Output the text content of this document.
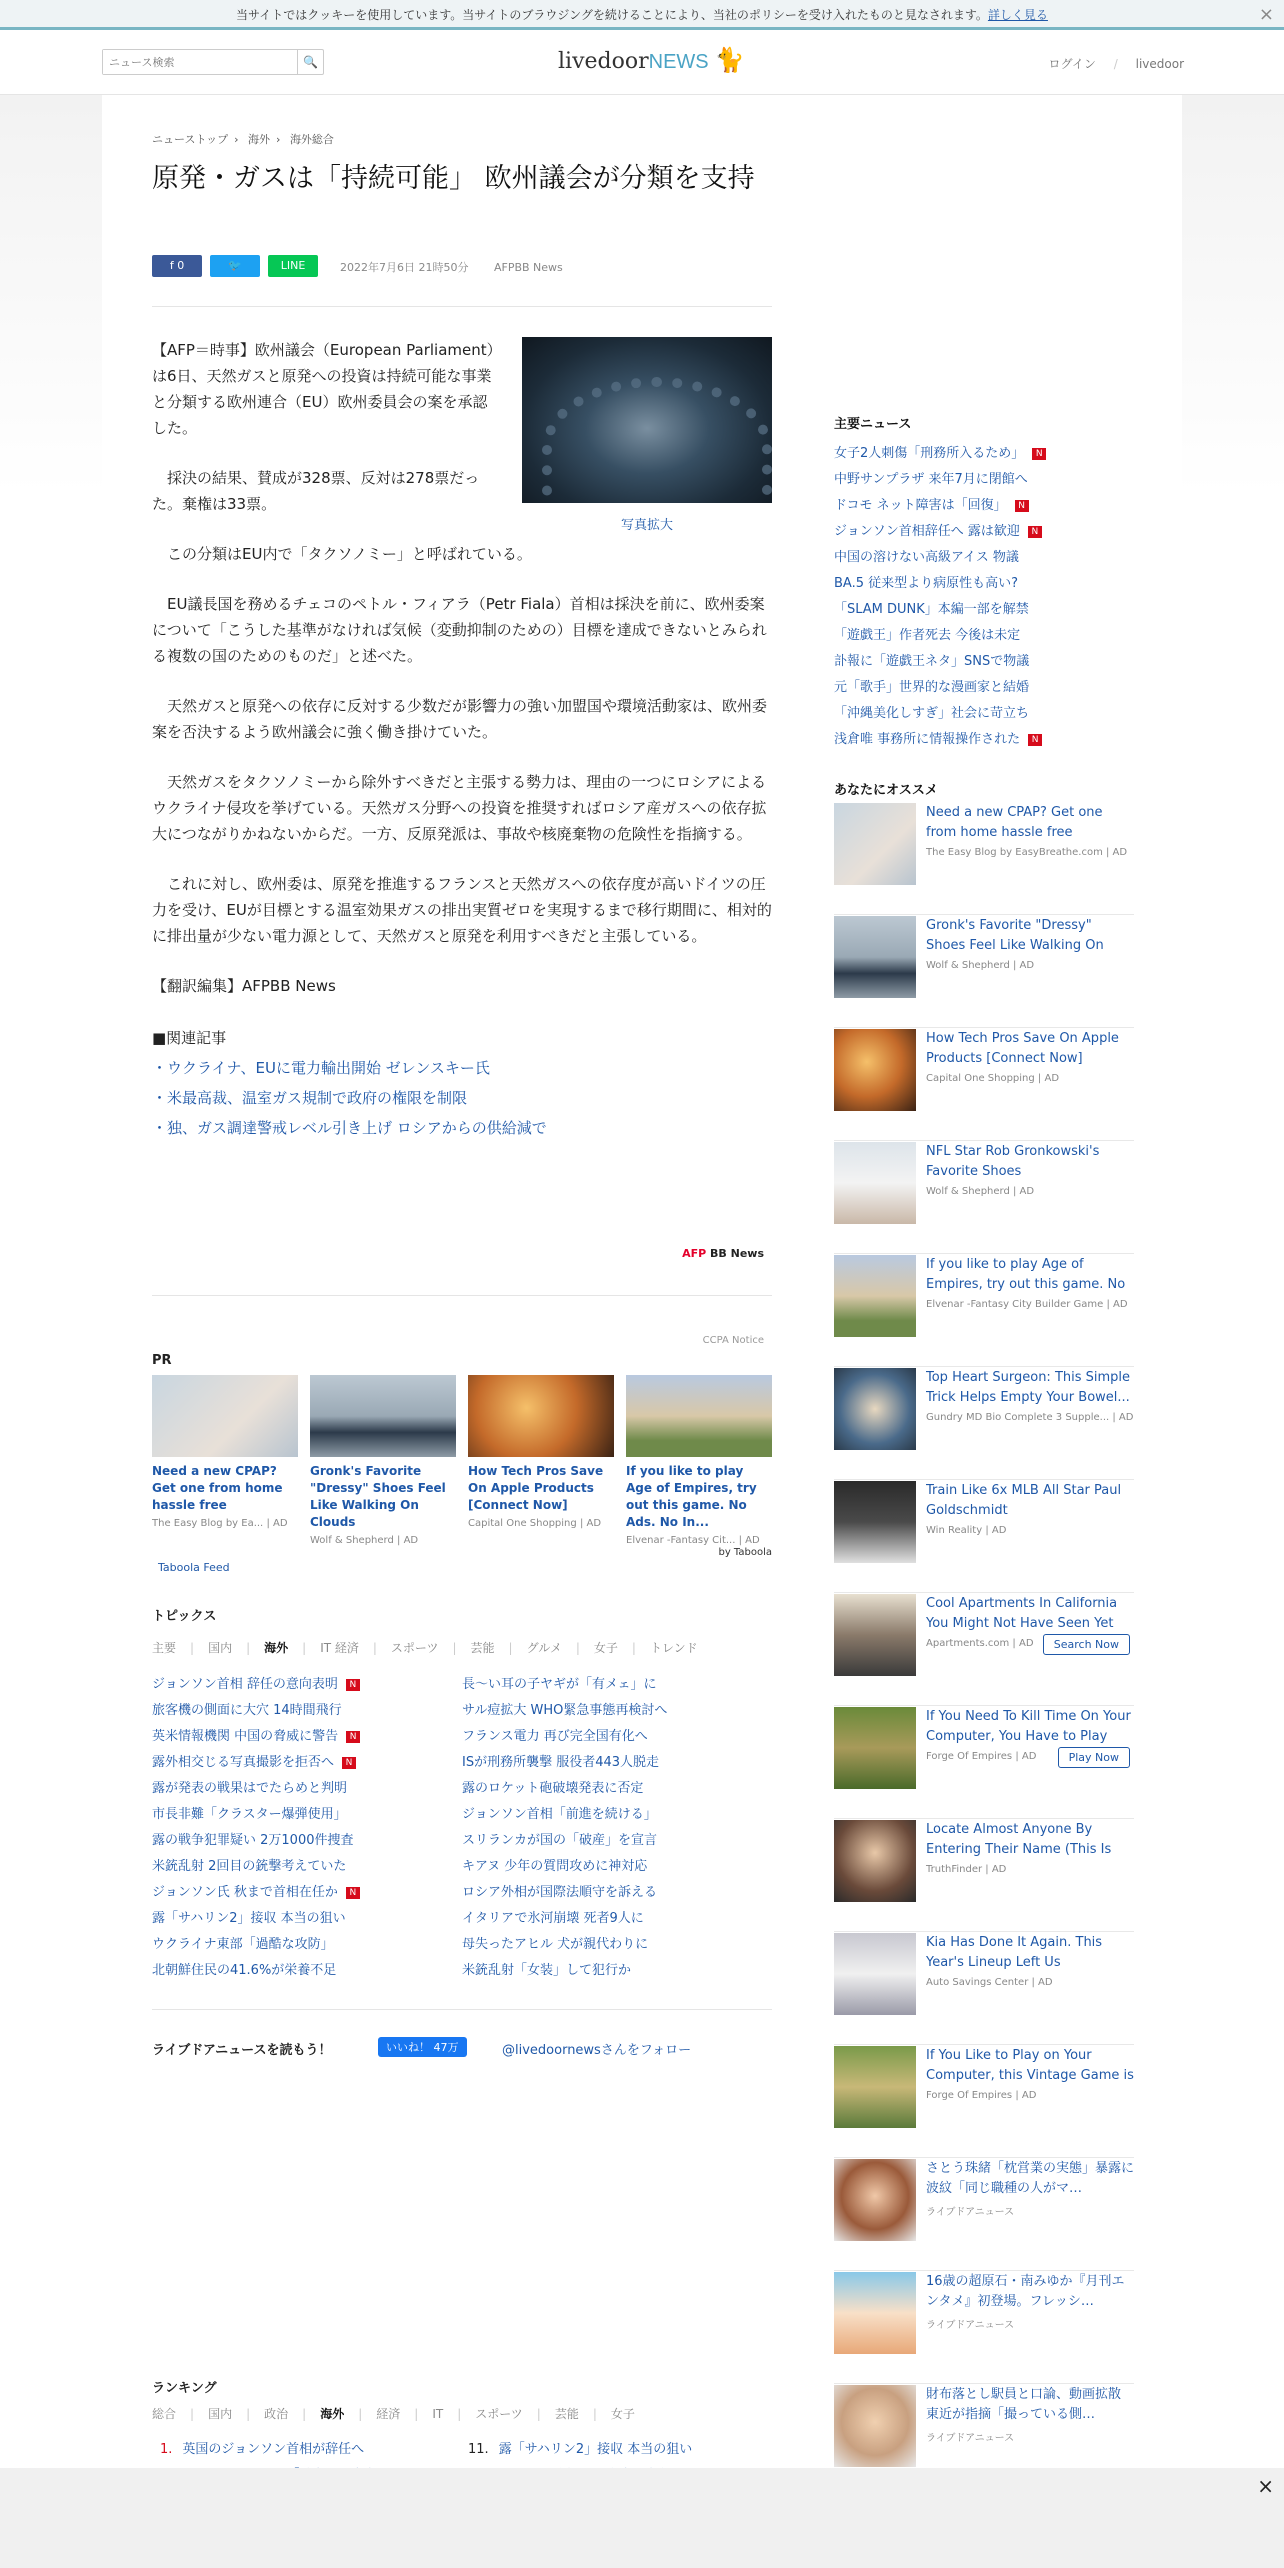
当サイトではクッキーを使用しています。当サイトのブラウジングを続けることにより、当社のポリシーを受け入れたものと見なされます。詳しく見る	×
ニュース検索
🔍	livedoorNEWS 🐈	ログイン / livedoor
ニューストップ › 海外 › 海外総合
原発・ガスは「持続可能」 欧州議会が分類を支持
f 0	🐦	LINE	2022年7月6日 21時50分 AFPBB News
写真拡大

【AFP＝時事】欧州議会（European Parliament）は6日、天然ガスと原発への投資は持続可能な事業と分類する欧州連合（EU）欧州委員会の案を承認した。

採決の結果、賛成が328票、反対は278票だった。棄権は33票。

この分類はEU内で「タクソノミー」と呼ばれている。

EU議長国を務めるチェコのペトル・フィアラ（Petr Fiala）首相は採決を前に、欧州委案について「こうした基準がなければ気候（変動抑制のための）目標を達成できないとみられる複数の国のためのものだ」と述べた。

天然ガスと原発への依存に反対する少数だが影響力の強い加盟国や環境活動家は、欧州委案を否決するよう欧州議会に強く働き掛けていた。

天然ガスをタクソノミーから除外すべきだと主張する勢力は、理由の一つにロシアによるウクライナ侵攻を挙げている。天然ガス分野への投資を推奨すればロシア産ガスへの依存拡大につながりかねないからだ。一方、反原発派は、事故や核廃棄物の危険性を指摘する。

これに対し、欧州委は、原発を推進するフランスと天然ガスへの依存度が高いドイツの圧力を受け、EUが目標とする温室効果ガスの排出実質ゼロを実現するまで移行期間に、相対的に排出量が少ない電力源として、天然ガスと原発を利用すべきだと主張している。

【翻訳編集】AFPBB News

■関連記事
・ウクライナ、EUに電力輸出開始 ゼレンスキー氏
・米最高裁、温室ガス規制で政府の権限を制限
・独、ガス調達警戒レベル引き上げ ロシアからの供給減で
AFP BB News
CCPA Notice
PR
Need a new CPAP? Get one from home hassle free
The Easy Blog by Ea... | AD
Gronk's Favorite "Dressy" Shoes Feel Like Walking On Clouds
Wolf & Shepherd | AD
How Tech Pros Save On Apple Products [Connect Now]
Capital One Shopping | AD
If you like to play Age of Empires, try out this game. No Ads. No In...
Elvenar -Fantasy Cit... | AD
by Taboola
Taboola Feed
トピックス
主要 | 国内 | 海外 | IT 経済 | スポーツ | 芸能 | グルメ | 女子 | トレンド
ジョンソン首相 辞任の意向表明 N
旅客機の側面に大穴 14時間飛行
英米情報機関 中国の脅威に警告 N
露外相交じる写真撮影を拒否へ N
露が発表の戦果はでたらめと判明
市長非難「クラスター爆弾使用」
露の戦争犯罪疑い 2万1000件捜査
米銃乱射 2回目の銃撃考えていた
ジョンソン氏 秋まで首相在任か N
露「サハリン2」接収 本当の狙い
ウクライナ東部「過酷な攻防」
北朝鮮住民の41.6%が栄養不足
長～い耳の子ヤギが「有メェ」に
サル痘拡大 WHO緊急事態再検討へ
フランス電力 再び完全国有化へ
ISが刑務所襲撃 服役者443人脱走
露のロケット砲破壊発表に否定
ジョンソン首相「前進を続ける」
スリランカが国の「破産」を宣言
キアヌ 少年の質問攻めに神対応
ロシア外相が国際法順守を訴える
イタリアで氷河崩壊 死者9人に
母失ったアヒル 犬が親代わりに
米銃乱射「女装」して犯行か
ライブドアニュースを読もう！	いいね！ 47万	@livedoornewsさんをフォロー
ランキング
総合 | 国内 | 政治 | 海外 | 経済 | IT | スポーツ | 芸能 | 女子
1. 英国のジョンソン首相が辞任へ	11. 露「サハリン2」接収 本当の狙い
主要ニュース
女子2人刺傷「刑務所入るため」 N
中野サンプラザ 来年7月に閉館へ
ドコモ ネット障害は「回復」 N
ジョンソン首相辞任へ 露は歓迎 N
中国の溶けない高級アイス 物議
BA.5 従来型より病原性も高い?
「SLAM DUNK」本編一部を解禁
「遊戯王」作者死去 今後は未定
訃報に「遊戯王ネタ」SNSで物議
元「歌手」世界的な漫画家と結婚
「沖縄美化しすぎ」社会に苛立ち
浅倉唯 事務所に情報操作された N
あなたにオススメ
Need a new CPAP? Get one from home hassle free
The Easy Blog by EasyBreathe.com | AD
Gronk's Favorite "Dressy" Shoes Feel Like Walking On
Wolf & Shepherd | AD
How Tech Pros Save On Apple Products [Connect Now]
Capital One Shopping | AD
NFL Star Rob Gronkowski's Favorite Shoes
Wolf & Shepherd | AD
If you like to play Age of Empires, try out this game. No
Elvenar -Fantasy City Builder Game | AD
Top Heart Surgeon: This Simple Trick Helps Empty Your Bowel...
Gundry MD Bio Complete 3 Supple... | AD
Train Like 6x MLB All Star Paul Goldschmidt
Win Reality | AD
Cool Apartments In California You Might Not Have Seen Yet
Apartments.com | AD	Search Now
If You Need To Kill Time On Your Computer, You Have to Play
Forge Of Empires | AD	Play Now
Locate Almost Anyone By Entering Their Name (This Is
TruthFinder | AD
Kia Has Done It Again. This Year's Lineup Left Us
Auto Savings Center | AD
If You Like to Play on Your Computer, this Vintage Game is
Forge Of Empires | AD
さとう珠緒「枕営業の実態」暴露に波紋「同じ職種の人がマ…
ライブドアニュース
16歳の超原石・南みゆか『月刊エンタメ』初登場。フレッシ…
ライブドアニュース
財布落とし駅員と口論、動画拡散 東近が指摘「撮っている側…
ライブドアニュース
×
